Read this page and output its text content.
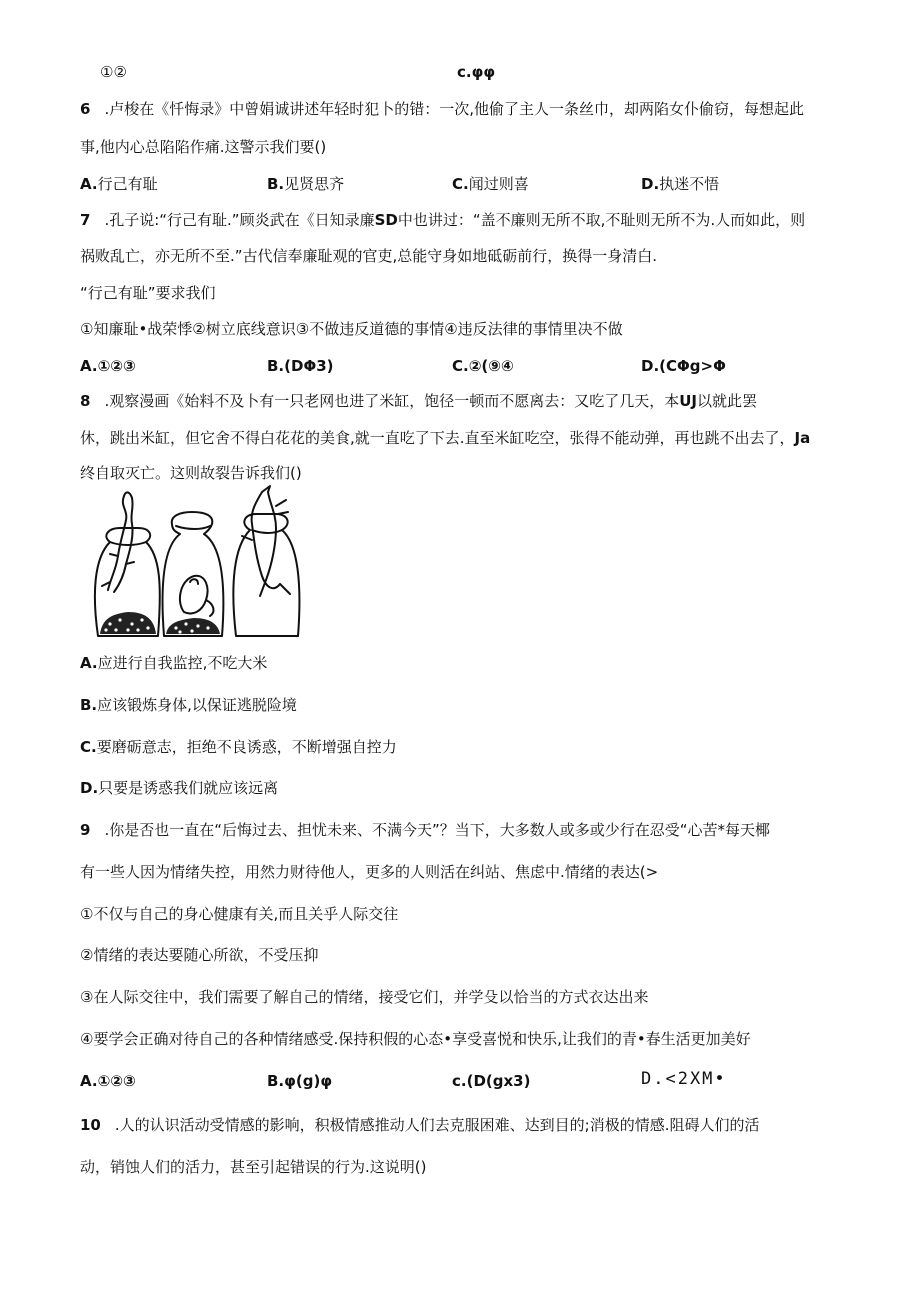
①②	c.φφ
6 .卢梭在《忏悔录》中曾娟诚讲述年轻时犯卜的错：一次,他偷了主人一条丝巾，却两陷女仆偷窃，每想起此
事,他内心总陷陷作痛.这警示我们要()
A.行己有耻	B.见贤思齐	C.闻过则喜	D.执迷不悟
7 .孔子说:“行己有耻.”顾炎武在《日知录廉SD中也讲过：“盖不廉则无所不取,不耻则无所不为.人而如此，则
祸败乱亡，亦无所不至.”古代信奉廉耻观的官吏,总能守身如地砥砺前行，换得一身清白.
“行己有耻”要求我们
①知廉耻•战荣悸②树立底线意识③不做违反道德的事情④违反法律的事情里决不做
A.①②③	B.(DΦ3)	C.②(⑨④	D.(CΦg>Φ
8 .观察漫画《始料不及卜有一只老网也进了米缸，饱径一顿而不愿离去：又吃了几天，本UJ以就此罢
休，跳出米缸，但它舍不得白花花的美食,就一直吃了下去.直至米缸吃空，张得不能动弹，再也跳不出去了，Ja
终自取灭亡。这则故裂告诉我们()
A.应进行自我监控,不吃大米
B.应该锻炼身体,以保证逃脱险境
C.要磨砺意志，拒绝不良诱惑，不断增强自控力
D.只要是诱惑我们就应该远离
9 .你是否也一直在“后悔过去、担忧未来、不满今天”？当下，大多数人或多或少行在忍受“心苦*每天椰
有一些人因为情绪失控，用然力财待他人，更多的人则活在纠站、焦虑中.情绪的表达(>
①不仅与自己的身心健康有关,而且关乎人际交往
②情绪的表达要随心所欲，不受压抑
③在人际交往中，我们需要了解自己的情绪，接受它们，并学殳以恰当的方式衣达出来
④要学会正确对待自己的各种情绪感受.保持积假的心态•享受喜悦和快乐,让我们的青•春生活更加美好
A.①②③	B.φ(g)φ	c.(D(gx3)	D.<2XM•
10 .人的认识活动受情感的影响，积极情感推动人们去克服困难、达到目的;消极的情感.阻碍人们的活
动，销蚀人们的活力，甚至引起错误的行为.这说明()
